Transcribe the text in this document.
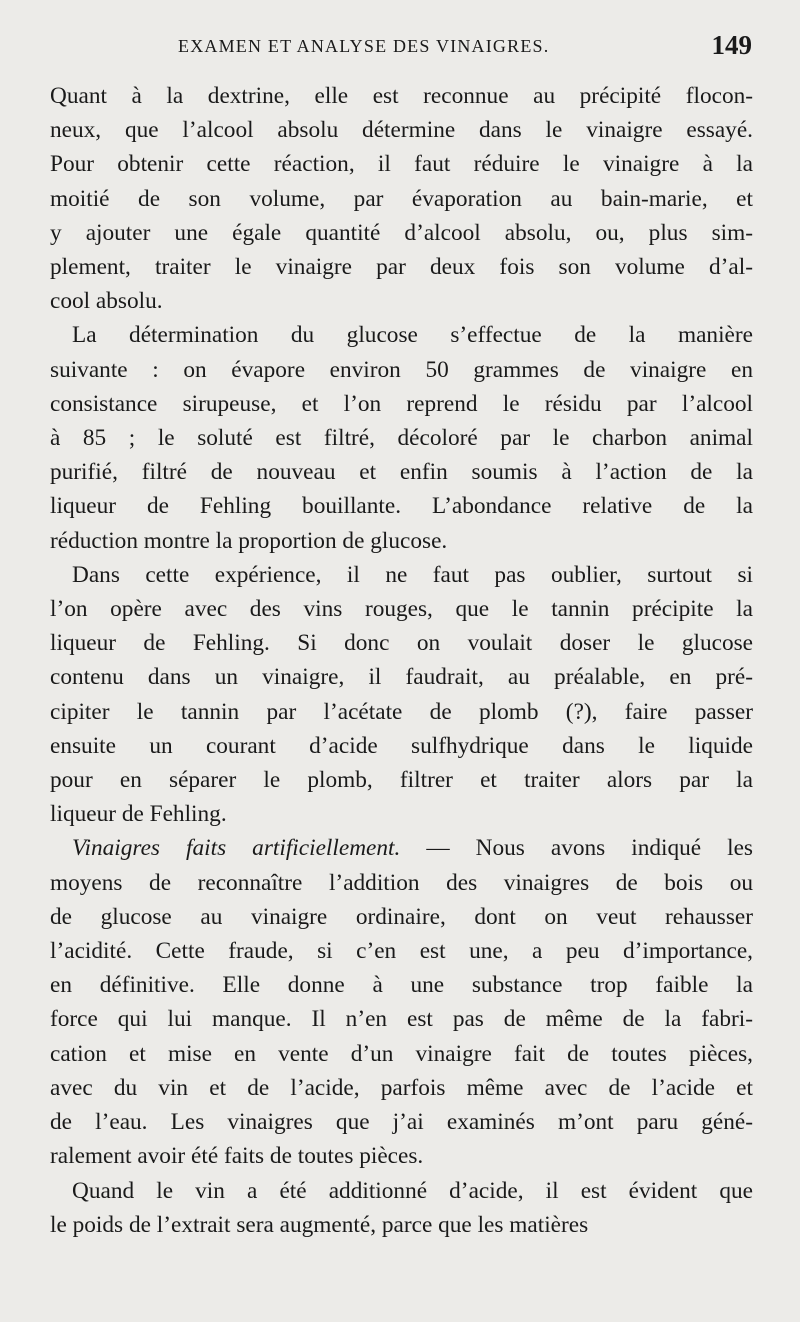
EXAMEN ET ANALYSE DES VINAIGRES.	149
Quant à la dextrine, elle est reconnue au précipité flocon-
neux, que l’alcool absolu détermine dans le vinaigre essayé.
Pour obtenir cette réaction, il faut réduire le vinaigre à la
moitié de son volume, par évaporation au bain-marie, et
y ajouter une égale quantité d’alcool absolu, ou, plus sim-
plement, traiter le vinaigre par deux fois son volume d’al-
cool absolu.
La détermination du glucose s’effectue de la manière
suivante : on évapore environ 50 grammes de vinaigre en
consistance sirupeuse, et l’on reprend le résidu par l’alcool
à 85 ; le soluté est filtré, décoloré par le charbon animal
purifié, filtré de nouveau et enfin soumis à l’action de la
liqueur de Fehling bouillante. L’abondance relative de la
réduction montre la proportion de glucose.
Dans cette expérience, il ne faut pas oublier, surtout si
l’on opère avec des vins rouges, que le tannin précipite la
liqueur de Fehling. Si donc on voulait doser le glucose
contenu dans un vinaigre, il faudrait, au préalable, en pré-
cipiter le tannin par l’acétate de plomb (?), faire passer
ensuite un courant d’acide sulfhydrique dans le liquide
pour en séparer le plomb, filtrer et traiter alors par la
liqueur de Fehling.
Vinaigres faits artificiellement. — Nous avons indiqué les
moyens de reconnaître l’addition des vinaigres de bois ou
de glucose au vinaigre ordinaire, dont on veut rehausser
l’acidité. Cette fraude, si c’en est une, a peu d’importance,
en définitive. Elle donne à une substance trop faible la
force qui lui manque. Il n’en est pas de même de la fabri-
cation et mise en vente d’un vinaigre fait de toutes pièces,
avec du vin et de l’acide, parfois même avec de l’acide et
de l’eau. Les vinaigres que j’ai examinés m’ont paru géné-
ralement avoir été faits de toutes pièces.
Quand le vin a été additionné d’acide, il est évident que
le poids de l’extrait sera augmenté, parce que les matières
